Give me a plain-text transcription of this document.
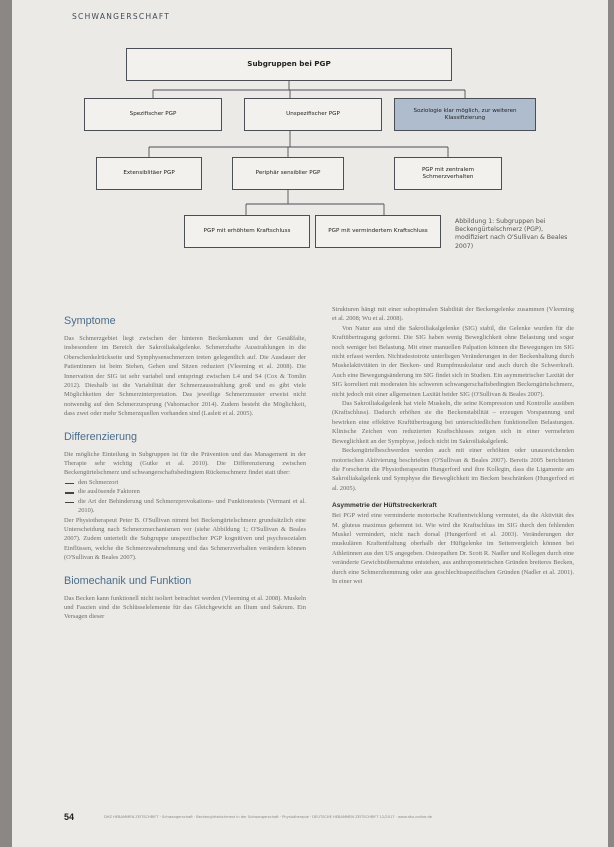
SCHWANGERSCHAFT
Subgruppen bei PGP
Spezifischer PGP	Unspezifischer PGP
Soziologie klar möglich, zur weiteren Klassifizierung
Extensiblitäer PGP	Periphär sensiblier PGP
PGP mit zentralem Schmerzverhalten
PGP mit erhöhtem Kraftschluss	PGP mit vermindertem Kraftschluss
Abbildung 1: Subgruppen bei Beckengürtelschmerz (PGP), modifiziert nach O'Sullivan & Beales 2007)
Symptome

Das Schmerzgebiet liegt zwischen der hinteren Beckenkamm und der Gesäßfalte, insbesondere im Bereich der Sakroiliakalgelenke. Schmerzhafte Ausstrahlungen in die Oberschenkelrückseite und Symphysenschmerzen treten gelegentlich auf. Die Ausdauer der Patientinnen ist beim Stehen, Gehen und Sitzen reduziert (Vleeming et al. 2008). Die Innervation der SIG ist sehr variabel und entspringt zwischen L4 und S4 (Cox & Tomlin 2012). Dieshalb ist die Variabilität der Schmerzausstrahlung groß und es gibt viele Möglichkeiten der Schmerzinterpretation. Das jeweilige Schmerzmuster erweist nicht notwendig auf den Schmerzursprung (Vahomachor 2014). Zudem besteht die Möglichkeit, dass zwei oder mehr Schmerzquellen vorhanden sind (Laslett et al. 2005).

Differenzierung

Die mögliche Einteilung in Subgruppen ist für die Prävention und das Management in der Therapie sehr wichtig (Gutke et al. 2010). Die Differenzierung zwischen Beckengürtelschmerz und schwangerschaftsbedingtem Rückenschmerz findet statt über:

den Schmerzort
die auslösende Faktoren
die Art der Behinderung und Schmerzprovokations- und Funktionstests (Vermani et al. 2010).

Der Physiotherapeut Peter B. O'Sullivan nimmt bei Beckengürtelschmerz grundsätzlich eine Unterscheidung nach Schmerzmechanismen vor (siehe Abbildung 1; O'Sullivan & Beales 2007). Zudem unterteilt die Subgruppe unspezifischer PGP kognitiven und psychosozialen Einflüssen, welche die Schmerzwahrnehmung und das Schmerzverhalten verändern können (O'Sullivan & Beales 2007).

Biomechanik und Funktion

Das Becken kann funktionell nicht isoliert betrachtet werden (Vleeming et al. 2008). Muskeln und Faszien sind die Schlüsselelemente für das Gleichgewicht an Ilium und Sakrum. Ein Versagen dieser

Strukturen hängt mit einer suboptimalen Stabilität der Beckengelenke zusammen (Vleeming et al. 2008; Wu et al. 2008).

Von Natur aus sind die Sakroiliakalgelenke (SIG) stabil, die Gelenke wurden für die Kraftübertragung geformt. Die SIG haben wenig Beweglichkeit ohne Belastung und sogar noch weniger bei Belastung. Mit einer manuellen Palpation können die Bewegungen im SIG nicht erfasst werden. Nichtsdestotrotz unterliegen Veränderungen in der Beckenhaltung durch Muskelaktivitäten in der Becken- und Rumpfmuskulatur und auch durch die Schwerkraft. Auch eine Bewegungsänderung im SIG findet sich in Studien. Ein asymmetrischer Laxität der SIG korreliert mit moderaten bis schweren schwangerschaftsbedingten Beckengürtelschmerz, nicht jedoch mit einer allgemeinen Laxität beider SIG (O'Sullivan & Beales 2007).

Das Sakroiliakalgelenk hat viele Muskeln, die seine Kompression und Kontrolle ausüben (Kraftschluss). Dadurch erhöhen sie die Beckenstabilität – erzeugen Vorspannung und bewirken eine effektive Kraftübertragung bei unterschiedlichen funktionellen Belastungen. Klinische Zeichen von reduzierten Kraftschlusses zeigen sich in einer vermehrten Beweglichkeit an der Symphyse, jedoch nicht im Sakroiliakalgelenk.

Beckengürtelbeschwerden werden auch mit einer erhöhten oder unausreichenden motorischen Aktivierung beschrieben (O'Sullivan & Beales 2007). Bereits 2005 berichteten die Forscherin die Physiotherapeutin Hungerford und ihre Kollegin, dass die Ligamente am Sakroiliakalgelenk und Symphyse die Beweglichkeit im Becken beschränken (Hungerford et al. 2005).

Asymmetrie der Hüftstreckerkraft

Bei PGP wird eine verminderte motorische Kraftentwicklung vermutet, da die Aktivität des M. gluteus maximus gehemmt ist. Wie wird die Kraftschluss im SIG durch den fehlenden Muskel vermindert, nicht nach dorsal (Hungerford et al. 2003). Veränderungen der muskulären Kraftentfaltung oberhalb der Hüftgelenke im Seitenvergleich können bei Athletinnen aus den US angegeben. Osteopathen Dr. Scott R. Nadler und Kollegen durch eine veränderte Gewichtsübernahme entstehen, aus anthropometrischen Gründen breiteres Becken, durch eine Schmerzhemmung oder aus geschlechtsspezifischen Gründen (Nadler et al. 2001). In einer wei

54	DHZ HEBAMMEN ZEITSCHRIFT · Schwangerschaft · Beckengürtelschmerz in der Schwangerschaft · Physiotherapie · DEUTSCHE HEBAMMEN ZEITSCHRIFT 12/2017 · www.dhz-online.de
